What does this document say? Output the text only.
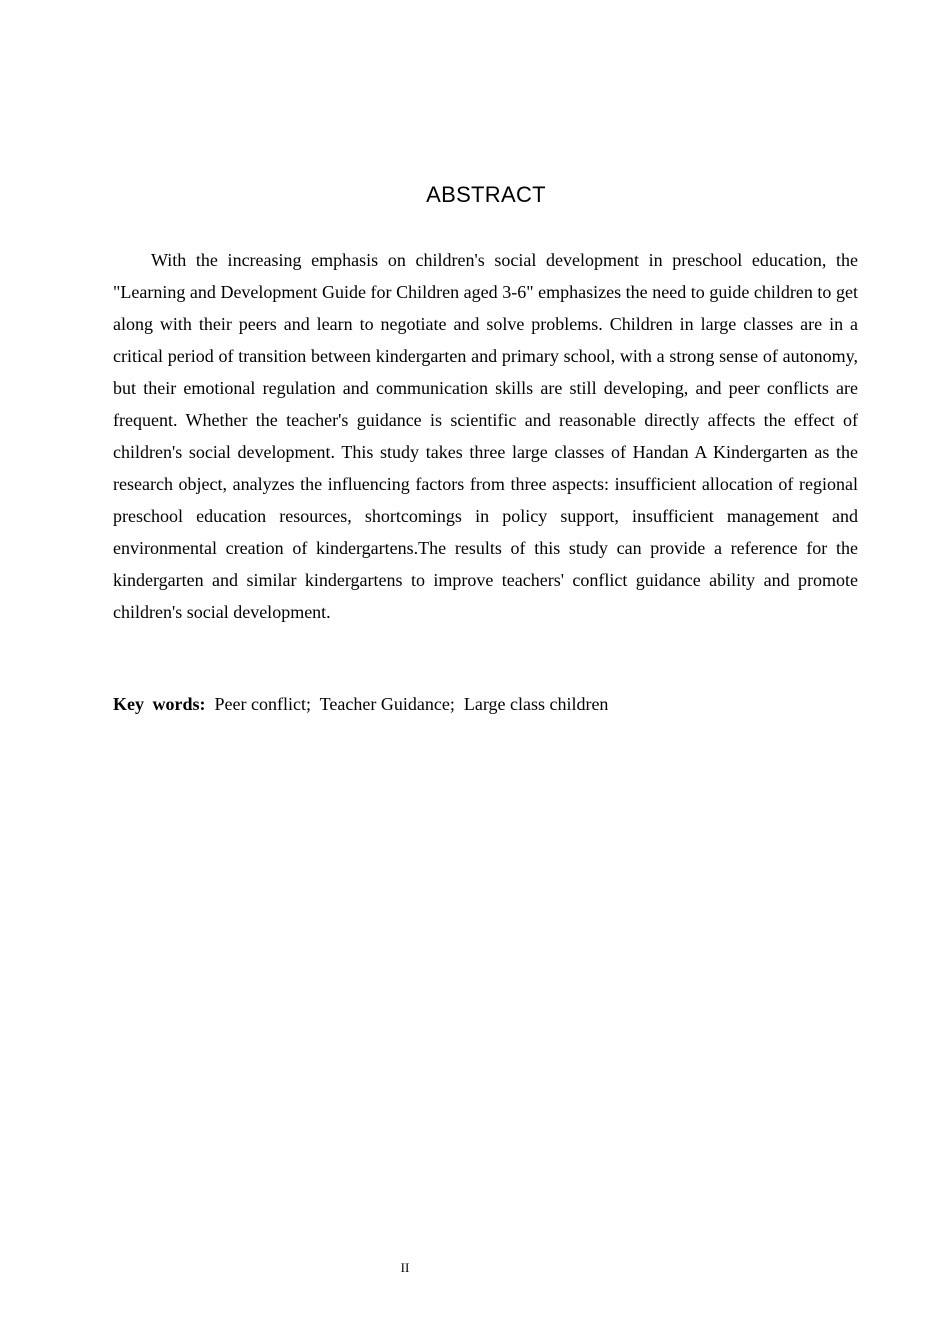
ABSTRACT

With the increasing emphasis on children's social development in preschool education, the "Learning and Development Guide for Children aged 3-6" emphasizes the need to guide children to get along with their peers and learn to negotiate and solve problems. Children in large classes are in a critical period of transition between kindergarten and primary school, with a strong sense of autonomy, but their emotional regulation and communication skills are still developing, and peer conflicts are frequent. Whether the teacher's guidance is scientific and reasonable directly affects the effect of children's social development. This study takes three large classes of Handan A Kindergarten as the research object, analyzes the influencing factors from three aspects: insufficient allocation of regional preschool education resources, shortcomings in policy support, insufficient management and environmental creation of kindergartens.The results of this study can provide a reference for the kindergarten and similar kindergartens to improve teachers' conflict guidance ability and promote children's social development.

Key words: Peer conflict; Teacher Guidance; Large class children

II
